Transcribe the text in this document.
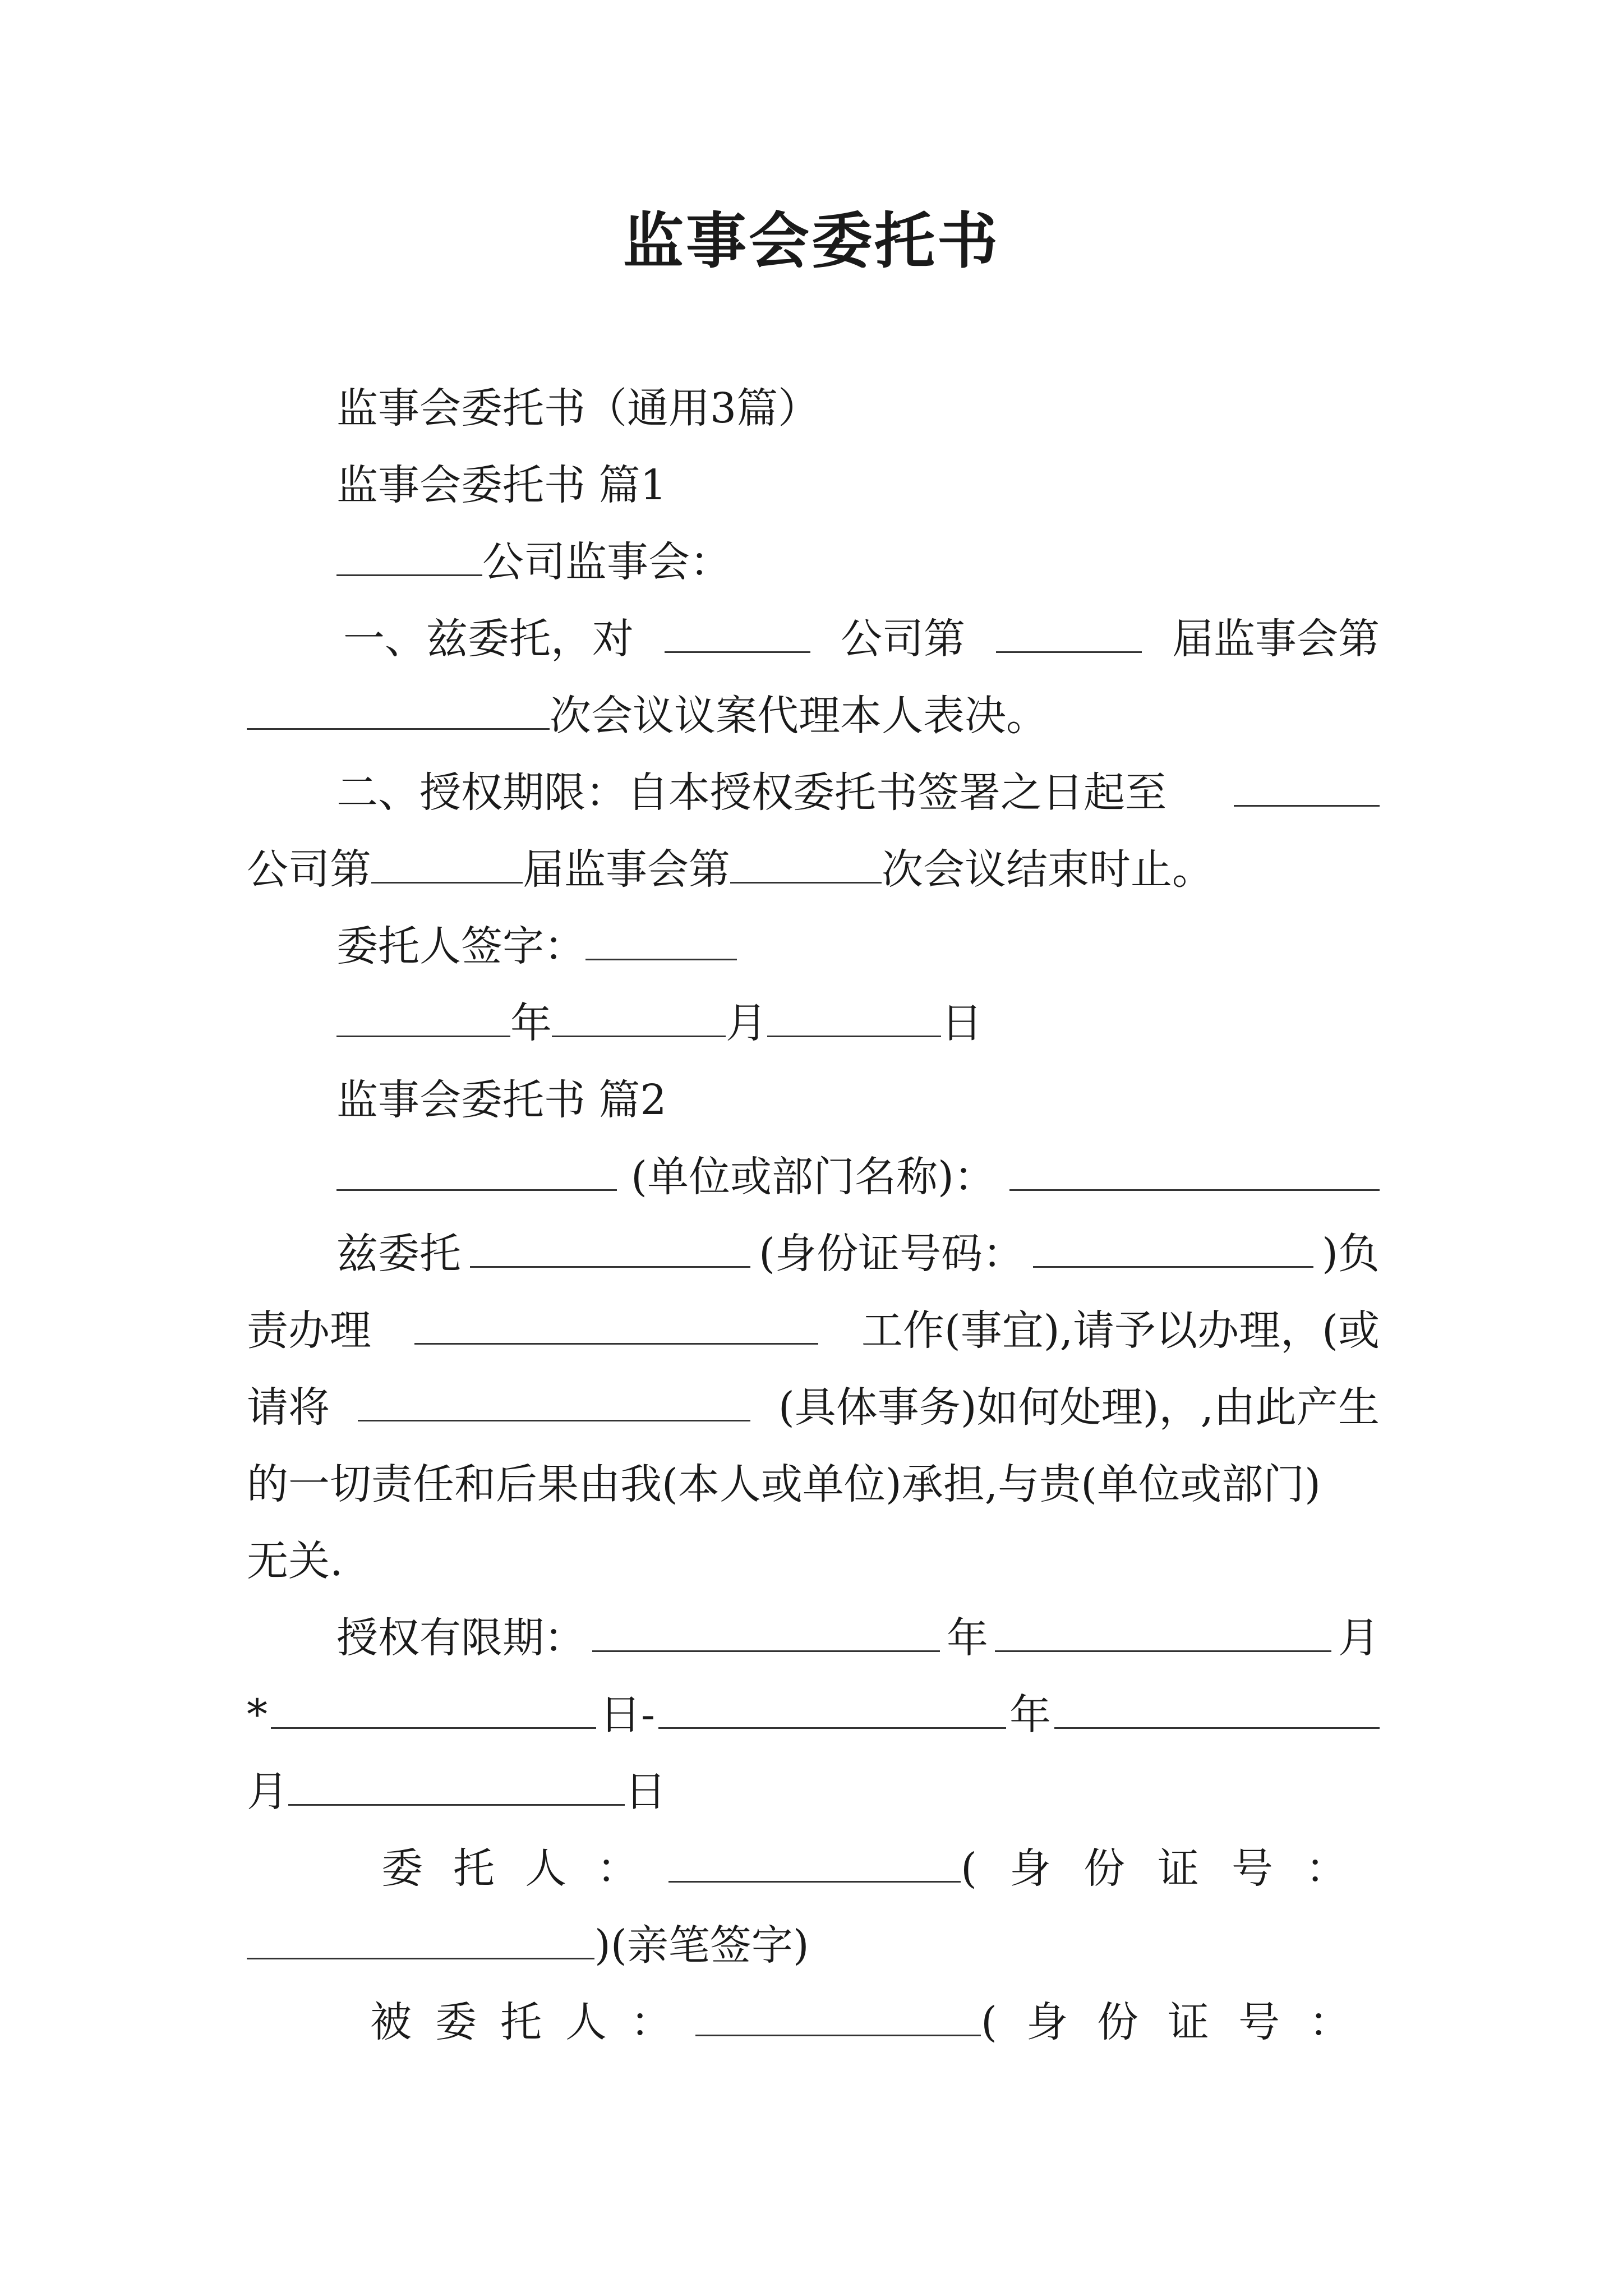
监事会委托书
监事会委托书（通用3篇）
监事会委托书 篇1
公司监事会：
一、兹委托，对	公司第	届监事会第
次会议议案代理本人表决。
二、授权期限：自本授权委托书签署之日起至
公司第	届监事会第	次会议结束时止。
委托人签字：
年	月	日
监事会委托书 篇2
(单位或部门名称)：
兹委托	(身份证号码：	)负
责办理	工作(事宜),请予以办理，(或
请将	(具体事务)如何处理)，,由此产生
的一切责任和后果由我(本人或单位)承担,与贵(单位或部门)
无关.
授权有限期：	年	月
*	日-	年
月	日
委托人：	(身份证号：
)(亲笔签字)
被委托人：	(身份证号：
